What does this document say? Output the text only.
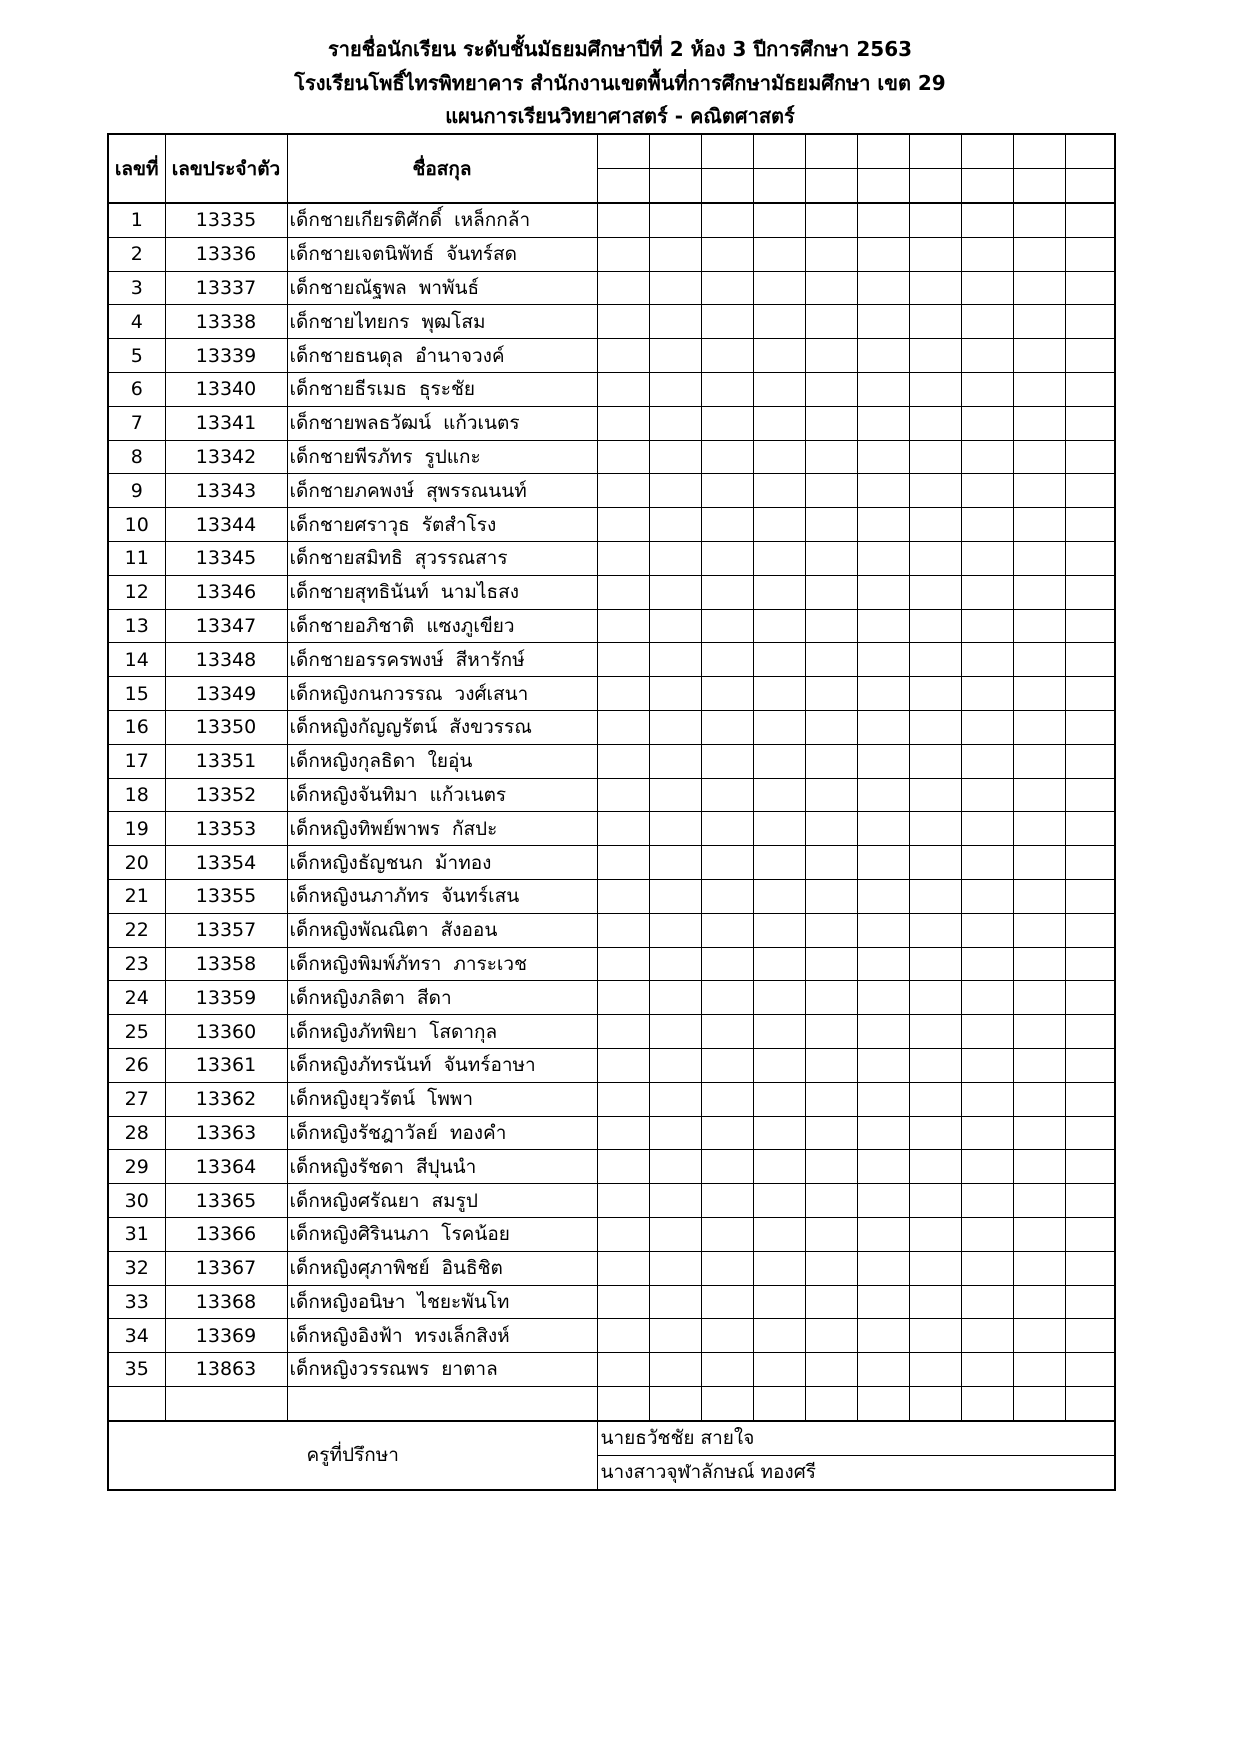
รายชื่อนักเรียน ระดับชั้นมัธยมศึกษาปีที่ 2 ห้อง 3 ปีการศึกษา 2563
โรงเรียนโพธิ์ไทรพิทยาคาร สำนักงานเขตพื้นที่การศึกษามัธยมศึกษา เขต 29
แผนการเรียนวิทยาศาสตร์ - คณิตศาสตร์
เลขที่	เลขประจำตัว	ชื่อสกุล										

1	13335	เด็กชายเกียรติศักดิ์ เหล็กกล้า										
2	13336	เด็กชายเจตนิพัทธ์ จันทร์สด										
3	13337	เด็กชายณัฐพล พาพันธ์										
4	13338	เด็กชายไทยกร พุฒโสม										
5	13339	เด็กชายธนดุล อำนาจวงค์										
6	13340	เด็กชายธีรเมธ ธุระชัย										
7	13341	เด็กชายพลธวัฒน์ แก้วเนตร										
8	13342	เด็กชายพีรภัทร รูปแกะ										
9	13343	เด็กชายภคพงษ์ สุพรรณนนท์										
10	13344	เด็กชายศราวุธ รัตสำโรง										
11	13345	เด็กชายสมิทธิ สุวรรณสาร										
12	13346	เด็กชายสุทธินันท์ นามไธสง										
13	13347	เด็กชายอภิชาติ แซงภูเขียว										
14	13348	เด็กชายอรรครพงษ์ สีหารักษ์										
15	13349	เด็กหญิงกนกวรรณ วงศ์เสนา										
16	13350	เด็กหญิงกัญญรัตน์ สังขวรรณ										
17	13351	เด็กหญิงกุลธิดา ใยอุ่น										
18	13352	เด็กหญิงจันทิมา แก้วเนตร										
19	13353	เด็กหญิงทิพย์พาพร กัสปะ										
20	13354	เด็กหญิงธัญชนก ม้าทอง										
21	13355	เด็กหญิงนภาภัทร จันทร์เสน										
22	13357	เด็กหญิงพัณณิตา สังออน										
23	13358	เด็กหญิงพิมพ์ภัทรา ภาระเวช										
24	13359	เด็กหญิงภลิตา สีดา										
25	13360	เด็กหญิงภัทพิยา โสดากุล										
26	13361	เด็กหญิงภัทรนันท์ จันทร์อาษา										
27	13362	เด็กหญิงยุวรัตน์ โพพา										
28	13363	เด็กหญิงรัชฎาวัลย์ ทองคำ										
29	13364	เด็กหญิงรัชดา สีปุนนำ										
30	13365	เด็กหญิงศรัณยา สมรูป										
31	13366	เด็กหญิงศิรินนภา โรคน้อย										
32	13367	เด็กหญิงศุภาพิชย์ อินธิชิต										
33	13368	เด็กหญิงอนิษา ไชยะพันโท										
34	13369	เด็กหญิงอิงฟ้า ทรงเล็กสิงห์										
35	13863	เด็กหญิงวรรณพร ยาตาล										

ครูที่ปรึกษา			นายธวัชชัย สายใจ									
			นางสาวจุฬาลักษณ์ ทองศรี									
